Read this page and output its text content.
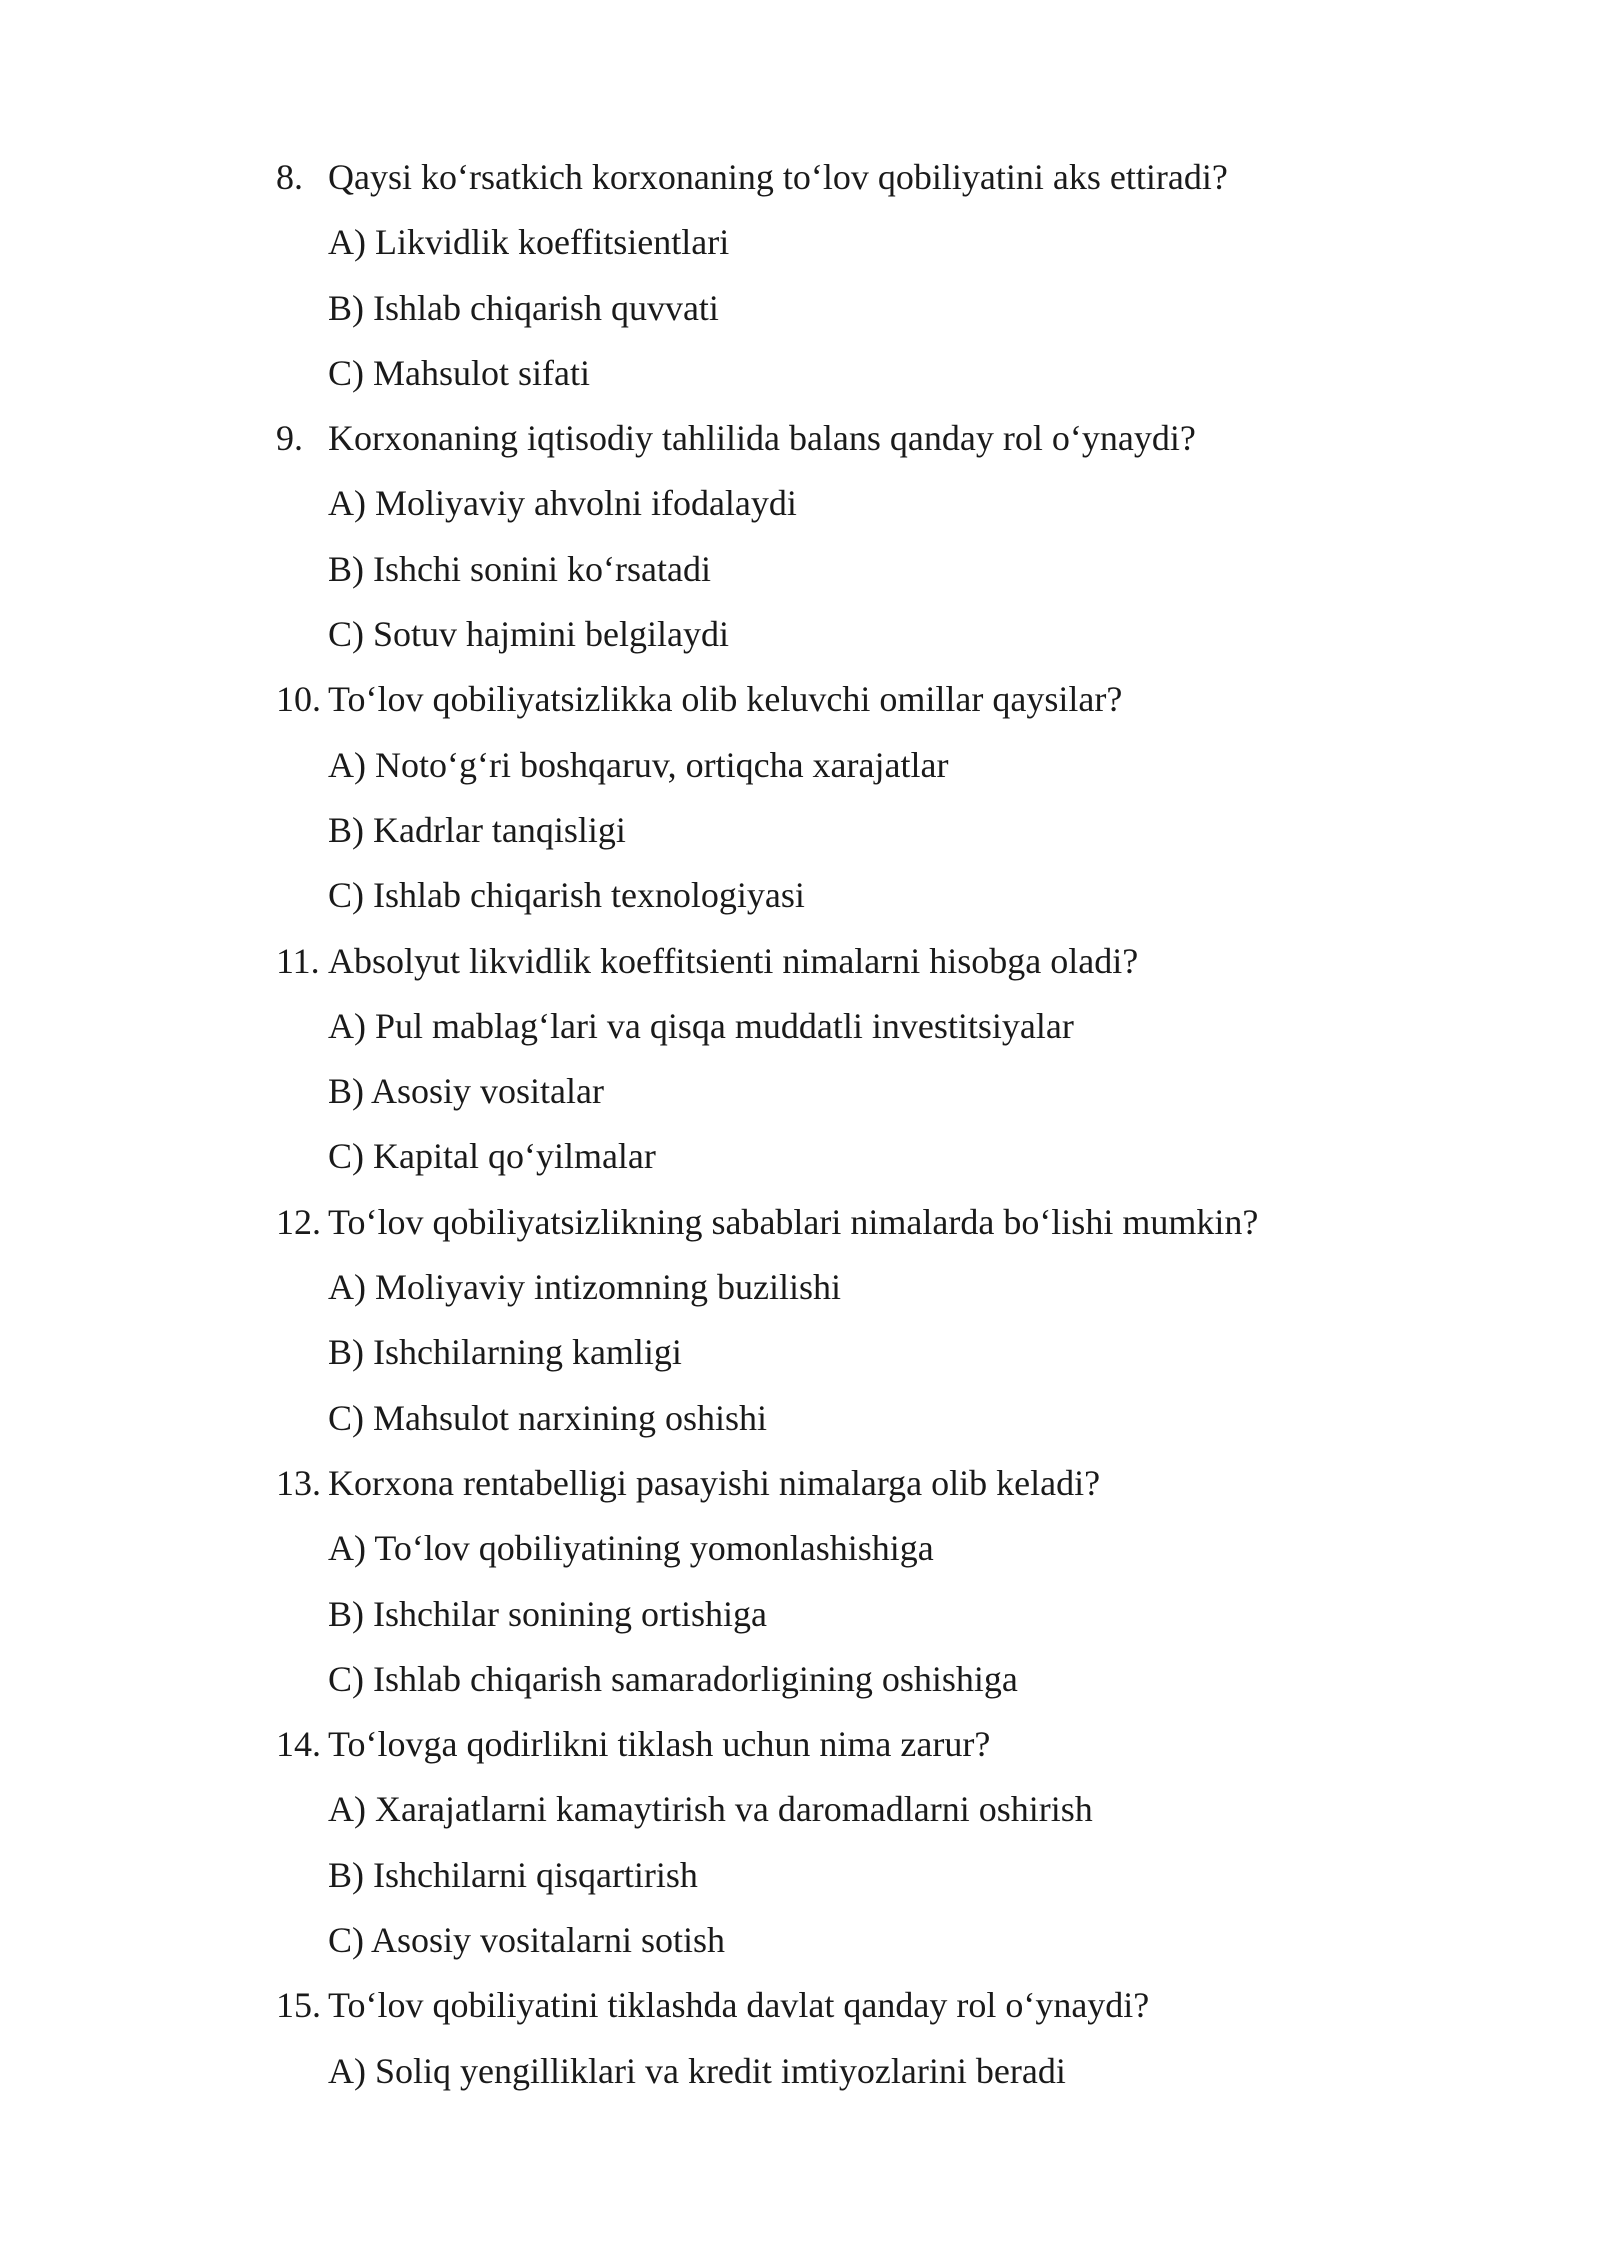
8. Qaysi ko‘rsatkich korxonaning to‘lov qobiliyatini aks ettiradi?
A) Likvidlik koeffitsientlari
B) Ishlab chiqarish quvvati
C) Mahsulot sifati
9. Korxonaning iqtisodiy tahlilida balans qanday rol o‘ynaydi?
A) Moliyaviy ahvolni ifodalaydi
B) Ishchi sonini ko‘rsatadi
C) Sotuv hajmini belgilaydi
10. To‘lov qobiliyatsizlikka olib keluvchi omillar qaysilar?
A) Noto‘g‘ri boshqaruv, ortiqcha xarajatlar
B) Kadrlar tanqisligi
C) Ishlab chiqarish texnologiyasi
11. Absolyut likvidlik koeffitsienti nimalarni hisobga oladi?
A) Pul mablag‘lari va qisqa muddatli investitsiyalar
B) Asosiy vositalar
C) Kapital qo‘yilmalar
12. To‘lov qobiliyatsizlikning sabablari nimalarda bo‘lishi mumkin?
A) Moliyaviy intizomning buzilishi
B) Ishchilarning kamligi
C) Mahsulot narxining oshishi
13. Korxona rentabelligi pasayishi nimalarga olib keladi?
A) To‘lov qobiliyatining yomonlashishiga
B) Ishchilar sonining ortishiga
C) Ishlab chiqarish samaradorligining oshishiga
14. To‘lovga qodirlikni tiklash uchun nima zarur?
A) Xarajatlarni kamaytirish va daromadlarni oshirish
B) Ishchilarni qisqartirish
C) Asosiy vositalarni sotish
15. To‘lov qobiliyatini tiklashda davlat qanday rol o‘ynaydi?
A) Soliq yengilliklari va kredit imtiyozlarini beradi
